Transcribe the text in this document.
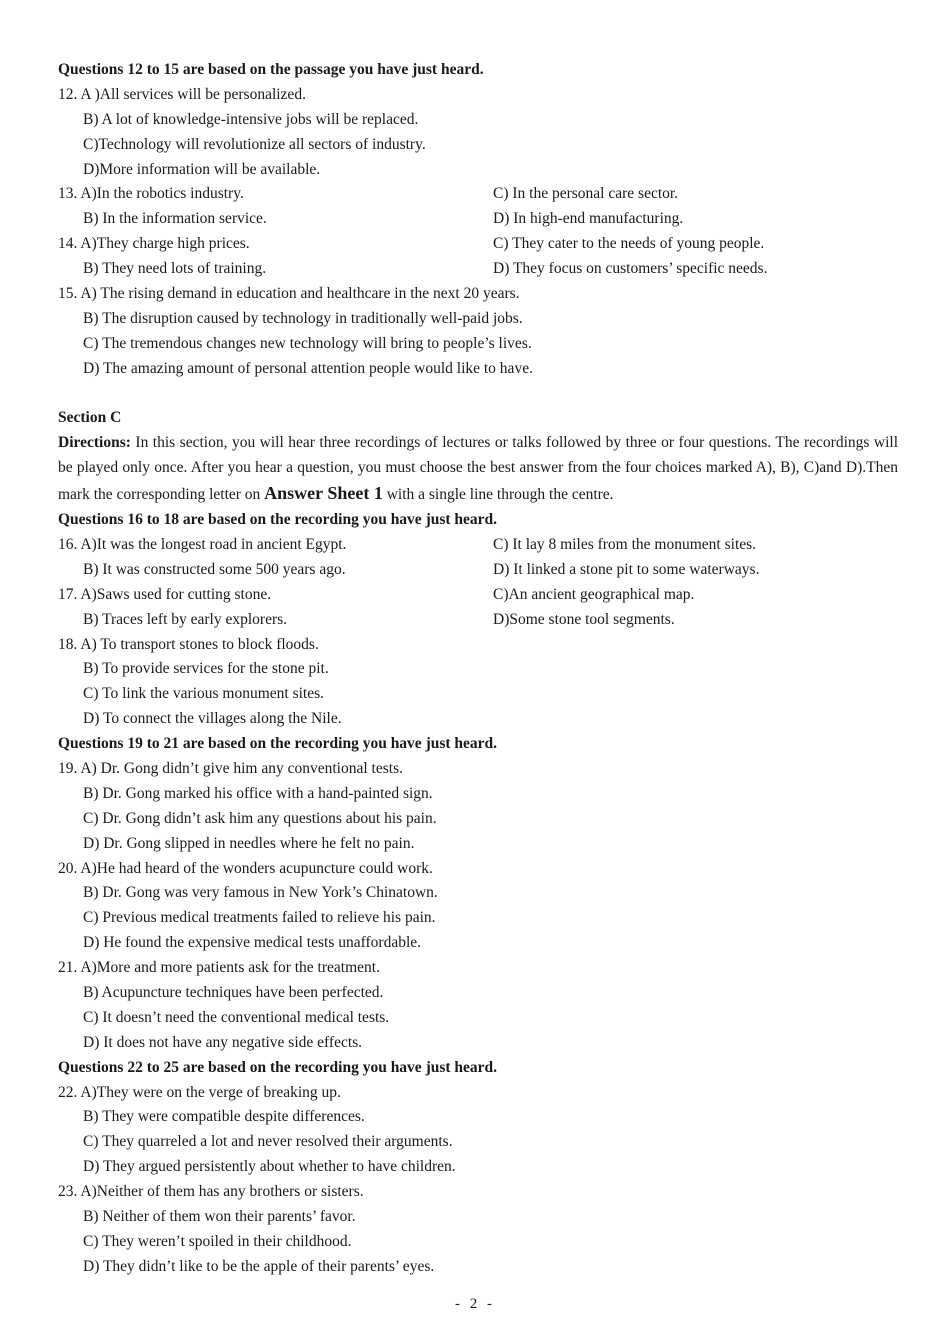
Questions 12 to 15 are based on the passage you have just heard.
12. A )All services will be personalized.
B) A lot of knowledge-intensive jobs will be replaced.
C)Technology will revolutionize all sectors of industry.
D)More information will be available.
13. A)In the robotics industry.	C) In the personal care sector.
B) In the information service.	D) In high-end manufacturing.
14. A)They charge high prices.	C) They cater to the needs of young people.
B) They need lots of training.	D) They focus on customers’ specific needs.
15. A) The rising demand in education and healthcare in the next 20 years.
B) The disruption caused by technology in traditionally well-paid jobs.
C) The tremendous changes new technology will bring to people’s lives.
D) The amazing amount of personal attention people would like to have.
Section C
Directions: In this section, you will hear three recordings of lectures or talks followed by three or four questions. The recordings will be played only once. After you hear a question, you must choose the best answer from the four choices marked A), B), C)and D).Then mark the corresponding letter on Answer Sheet 1 with a single line through the centre.
Questions 16 to 18 are based on the recording you have just heard.
16. A)It was the longest road in ancient Egypt.	C) It lay 8 miles from the monument sites.
B) It was constructed some 500 years ago.	D) It linked a stone pit to some waterways.
17. A)Saws used for cutting stone.	C)An ancient geographical map.
B) Traces left by early explorers.	D)Some stone tool segments.
18. A) To transport stones to block floods.
B) To provide services for the stone pit.
C) To link the various monument sites.
D) To connect the villages along the Nile.
Questions 19 to 21 are based on the recording you have just heard.
19. A) Dr. Gong didn’t give him any conventional tests.
B) Dr. Gong marked his office with a hand-painted sign.
C) Dr. Gong didn’t ask him any questions about his pain.
D) Dr. Gong slipped in needles where he felt no pain.
20. A)He had heard of the wonders acupuncture could work.
B) Dr. Gong was very famous in New York’s Chinatown.
C) Previous medical treatments failed to relieve his pain.
D) He found the expensive medical tests unaffordable.
21. A)More and more patients ask for the treatment.
B) Acupuncture techniques have been perfected.
C) It doesn’t need the conventional medical tests.
D) It does not have any negative side effects.
Questions 22 to 25 are based on the recording you have just heard.
22. A)They were on the verge of breaking up.
B) They were compatible despite differences.
C) They quarreled a lot and never resolved their arguments.
D) They argued persistently about whether to have children.
23. A)Neither of them has any brothers or sisters.
B) Neither of them won their parents’ favor.
C) They weren’t spoiled in their childhood.
D) They didn’t like to be the apple of their parents’ eyes.
- 2 -
